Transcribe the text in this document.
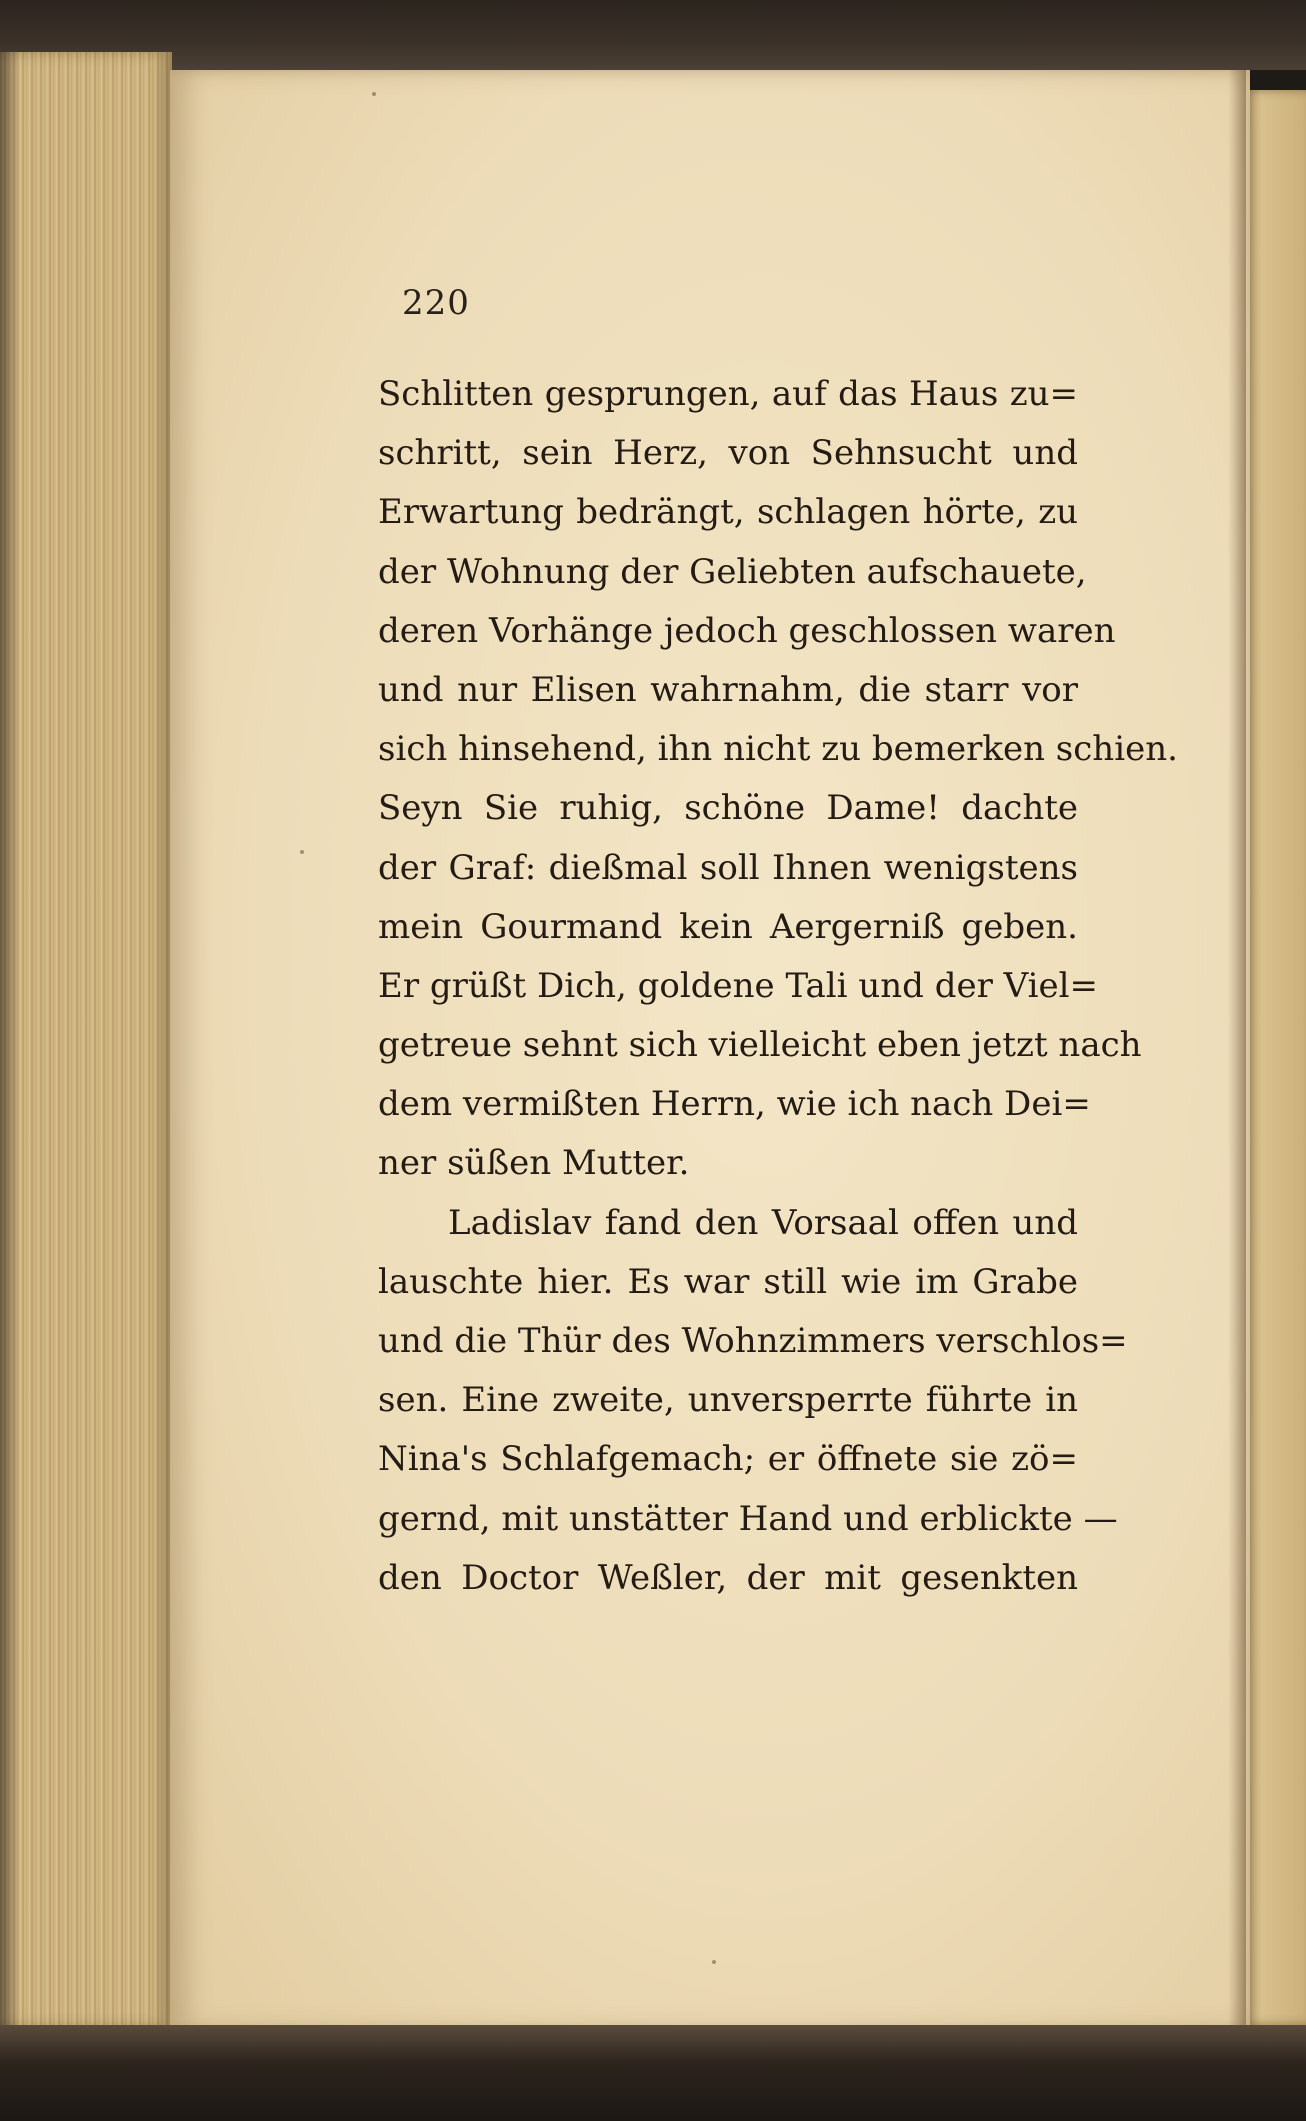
220

Schlitten gesprungen, auf das Haus zu=
schritt, sein Herz, von Sehnsucht und
Erwartung bedrängt, schlagen hörte, zu
der Wohnung der Geliebten aufschauete,
deren Vorhänge jedoch geschlossen waren
und nur Elisen wahrnahm, die starr vor
sich hinsehend, ihn nicht zu bemerken schien.
Seyn Sie ruhig, schöne Dame! dachte
der Graf: dießmal soll Ihnen wenigstens
mein Gourmand kein Aergerniß geben.
Er grüßt Dich, goldene Tali und der Viel=
getreue sehnt sich vielleicht eben jetzt nach
dem vermißten Herrn, wie ich nach Dei=
ner süßen Mutter.
Ladislav fand den Vorsaal offen und
lauschte hier. Es war still wie im Grabe
und die Thür des Wohnzimmers verschlos=
sen. Eine zweite, unversperrte führte in
Nina's Schlafgemach; er öffnete sie zö=
gernd, mit unstätter Hand und erblickte —
den Doctor Weßler, der mit gesenkten
